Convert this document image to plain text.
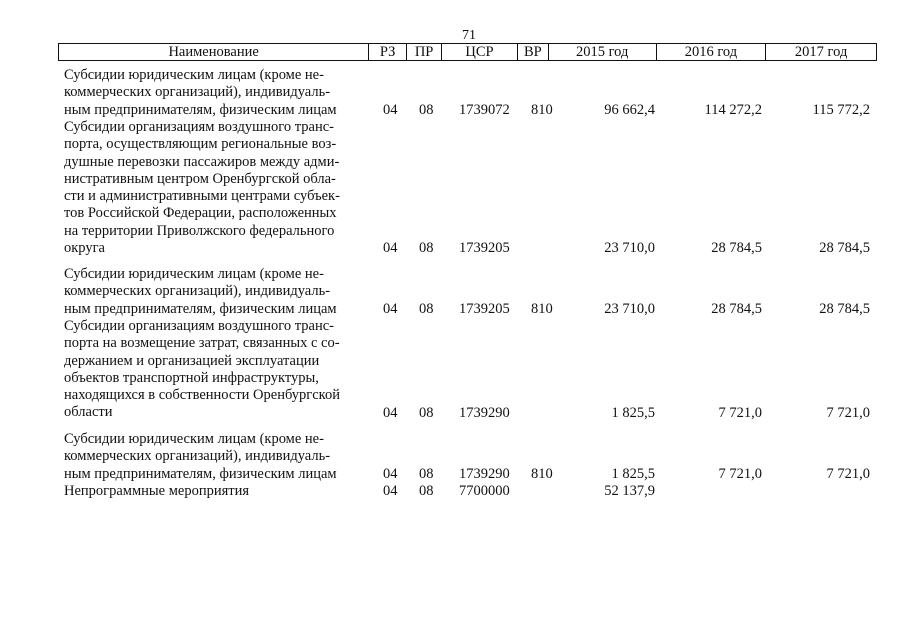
71
Наименование	РЗ	ПР	ЦСР	ВР	2015 год	2016 год	2017 год
Субсидии юридическим лицам (кроме не-
коммерческих организаций), индивидуаль-
ным предпринимателям, физическим лицам	04 08 1739072 810	96 662,4	114 272,2	115 772,2
Субсидии организациям воздушного транс-
порта, осуществляющим региональные воз-
душные перевозки пассажиров между адми-
нистративным центром Оренбургской обла-
сти и административными центрами субъек-
тов Российской Федерации, расположенных
на территории Приволжского федерального
округа	04 08 1739205	23 710,0	28 784,5	28 784,5
Субсидии юридическим лицам (кроме не-
коммерческих организаций), индивидуаль-
ным предпринимателям, физическим лицам	04 08 1739205 810	23 710,0	28 784,5	28 784,5
Субсидии организациям воздушного транс-
порта на возмещение затрат, связанных с со-
держанием и организацией эксплуатации
объектов транспортной инфраструктуры,
находящихся в собственности Оренбургской
области	04 08 1739290	1 825,5	7 721,0	7 721,0
Субсидии юридическим лицам (кроме не-
коммерческих организаций), индивидуаль-
ным предпринимателям, физическим лицам	04 08 1739290 810	1 825,5	7 721,0	7 721,0
Непрограммные мероприятия	04 08 7700000	52 137,9
